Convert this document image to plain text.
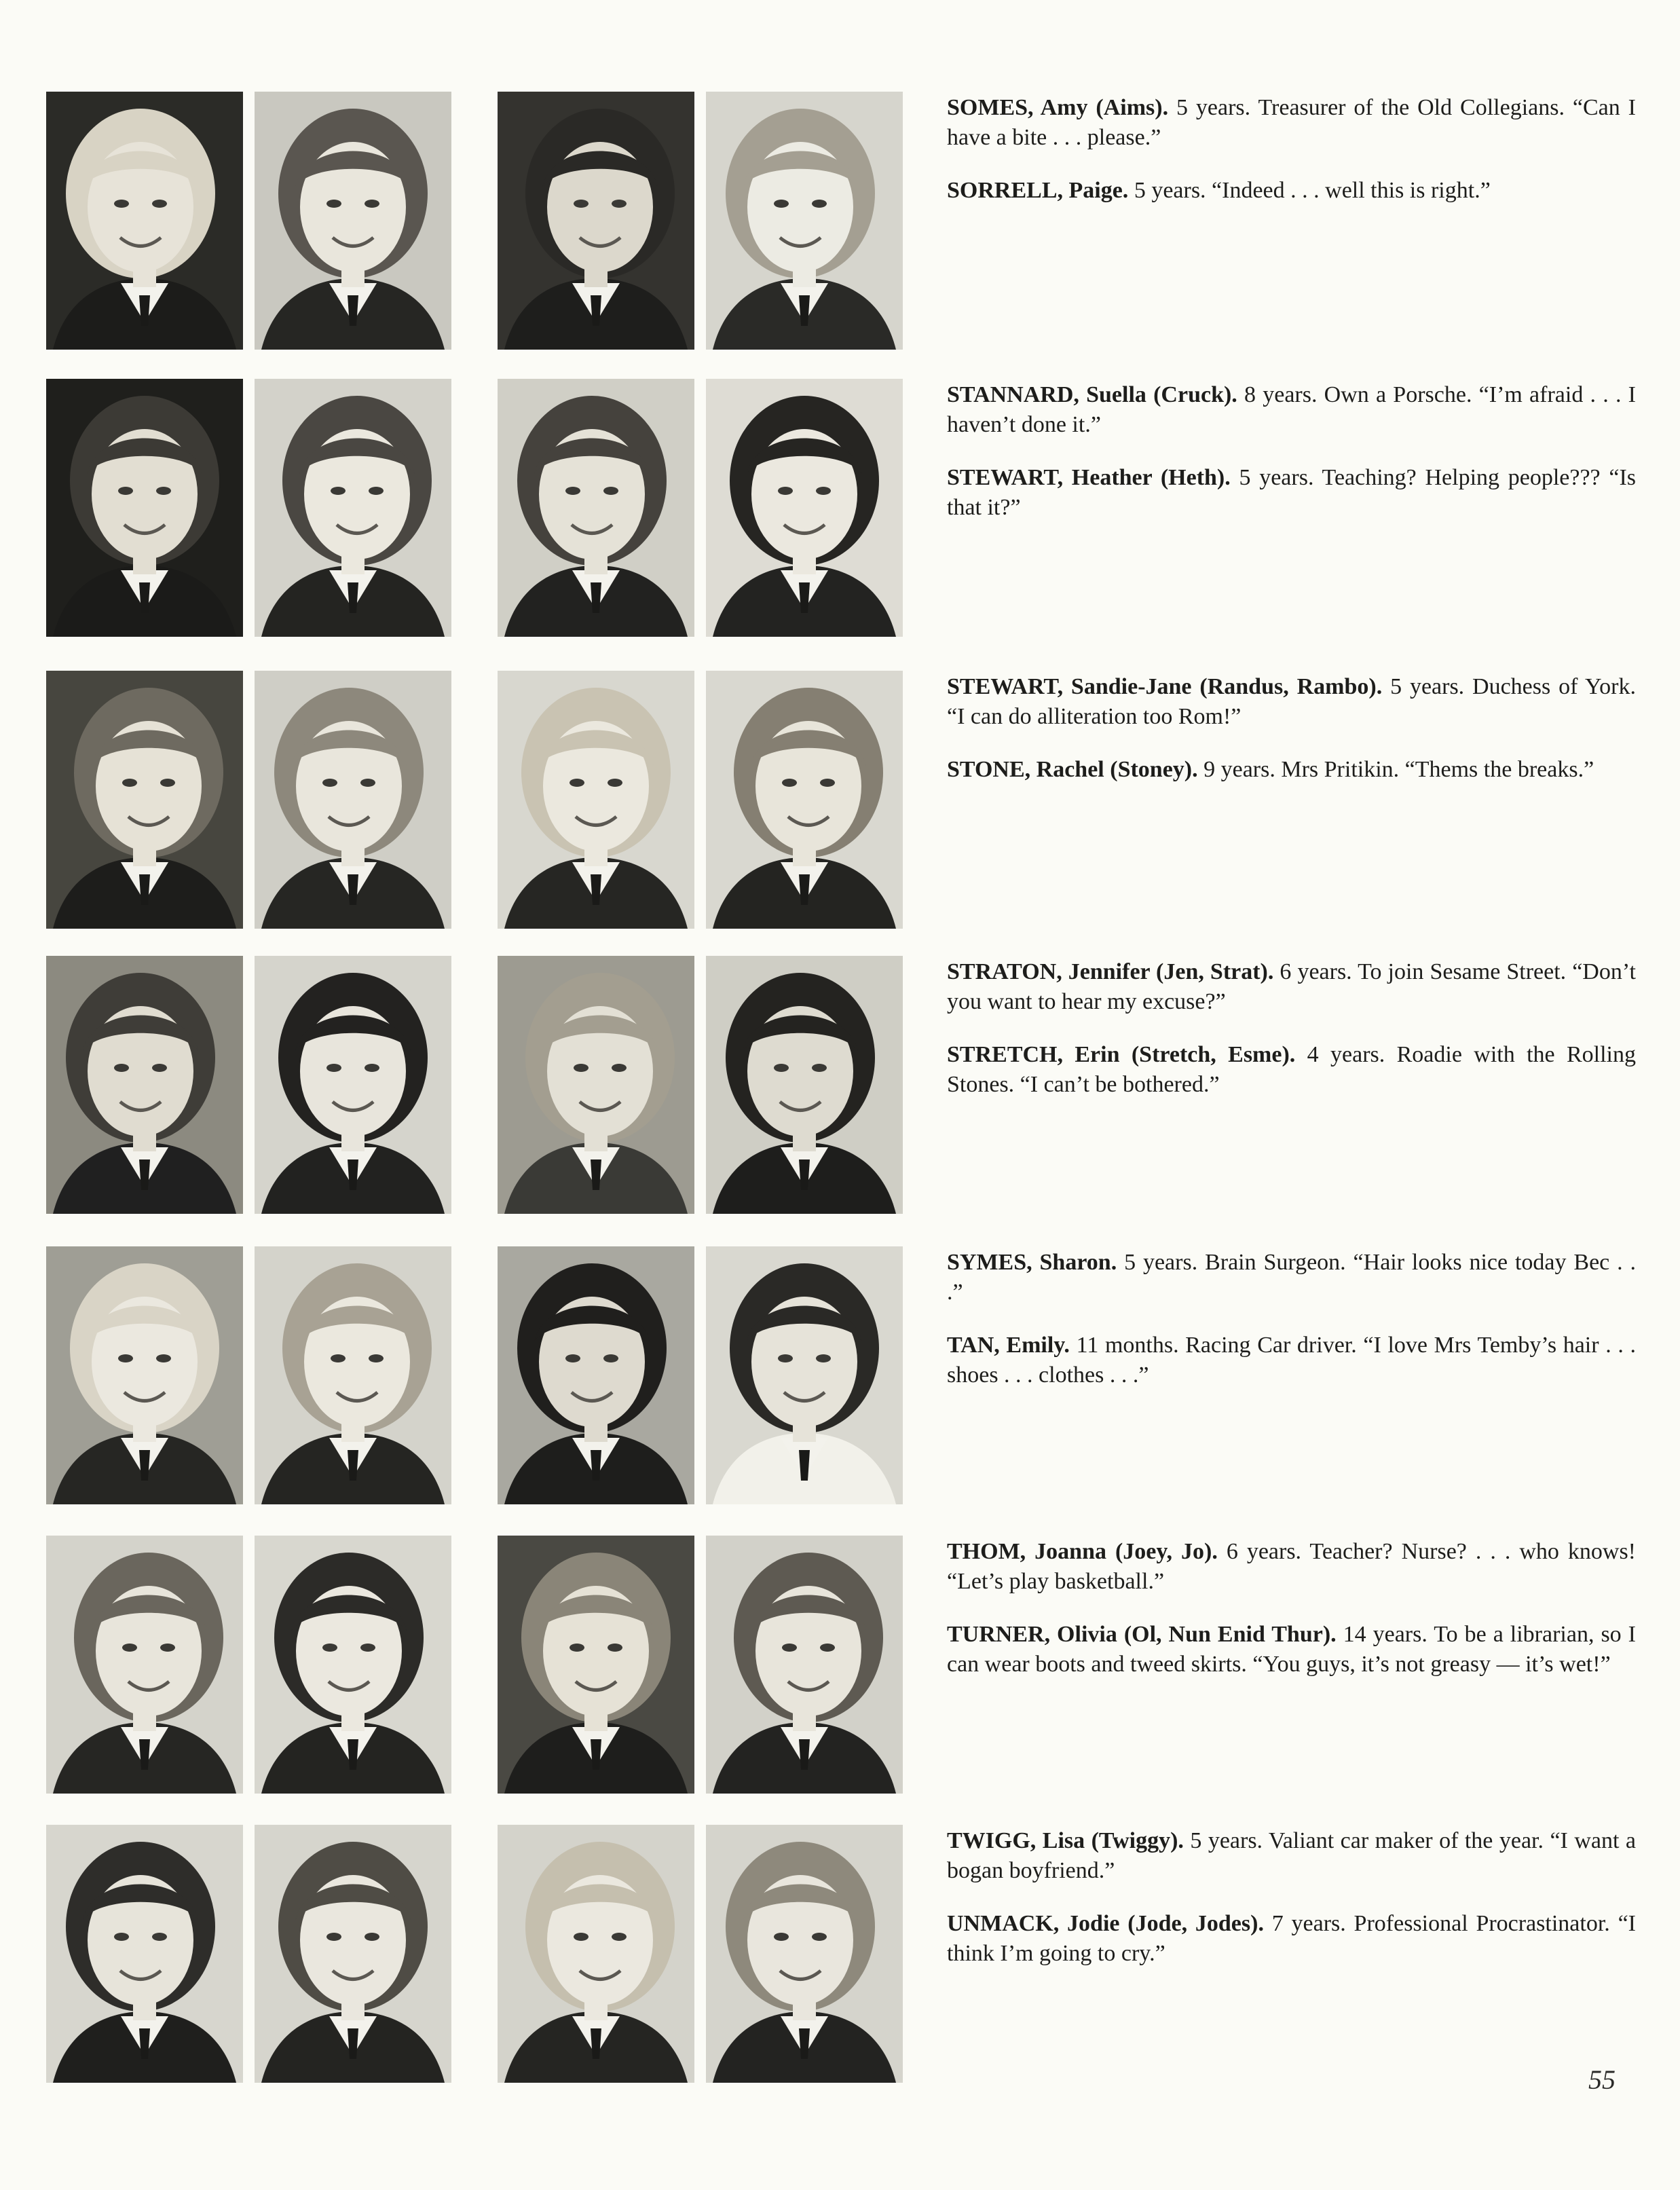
SOMES, Amy (Aims). 5 years. Treasurer of the Old Collegians. “Can I have a bite . . . please.”

SORRELL, Paige. 5 years. “Indeed . . . well this is right.”

STANNARD, Suella (Cruck). 8 years. Own a Porsche. “I’m afraid . . . I haven’t done it.”

STEWART, Heather (Heth). 5 years. Teaching? Helping people??? “Is that it?”

STEWART, Sandie-Jane (Randus, Rambo). 5 years. Duchess of York. “I can do alliteration too Rom!”

STONE, Rachel (Stoney). 9 years. Mrs Pritikin. “Thems the breaks.”

STRATON, Jennifer (Jen, Strat). 6 years. To join Sesame Street. “Don’t you want to hear my excuse?”

STRETCH, Erin (Stretch, Esme). 4 years. Roadie with the Rolling Stones. “I can’t be bothered.”

SYMES, Sharon. 5 years. Brain Surgeon. “Hair looks nice today Bec . . .”

TAN, Emily. 11 months. Racing Car driver. “I love Mrs Temby’s hair . . . shoes . . . clothes . . .”

THOM, Joanna (Joey, Jo). 6 years. Teacher? Nurse? . . . who knows! “Let’s play basketball.”

TURNER, Olivia (Ol, Nun Enid Thur). 14 years. To be a librarian, so I can wear boots and tweed skirts. “You guys, it’s not greasy — it’s wet!”

TWIGG, Lisa (Twiggy). 5 years. Valiant car maker of the year. “I want a bogan boyfriend.”

UNMACK, Jodie (Jode, Jodes). 7 years. Professional Procrastinator. “I think I’m going to cry.”

55
